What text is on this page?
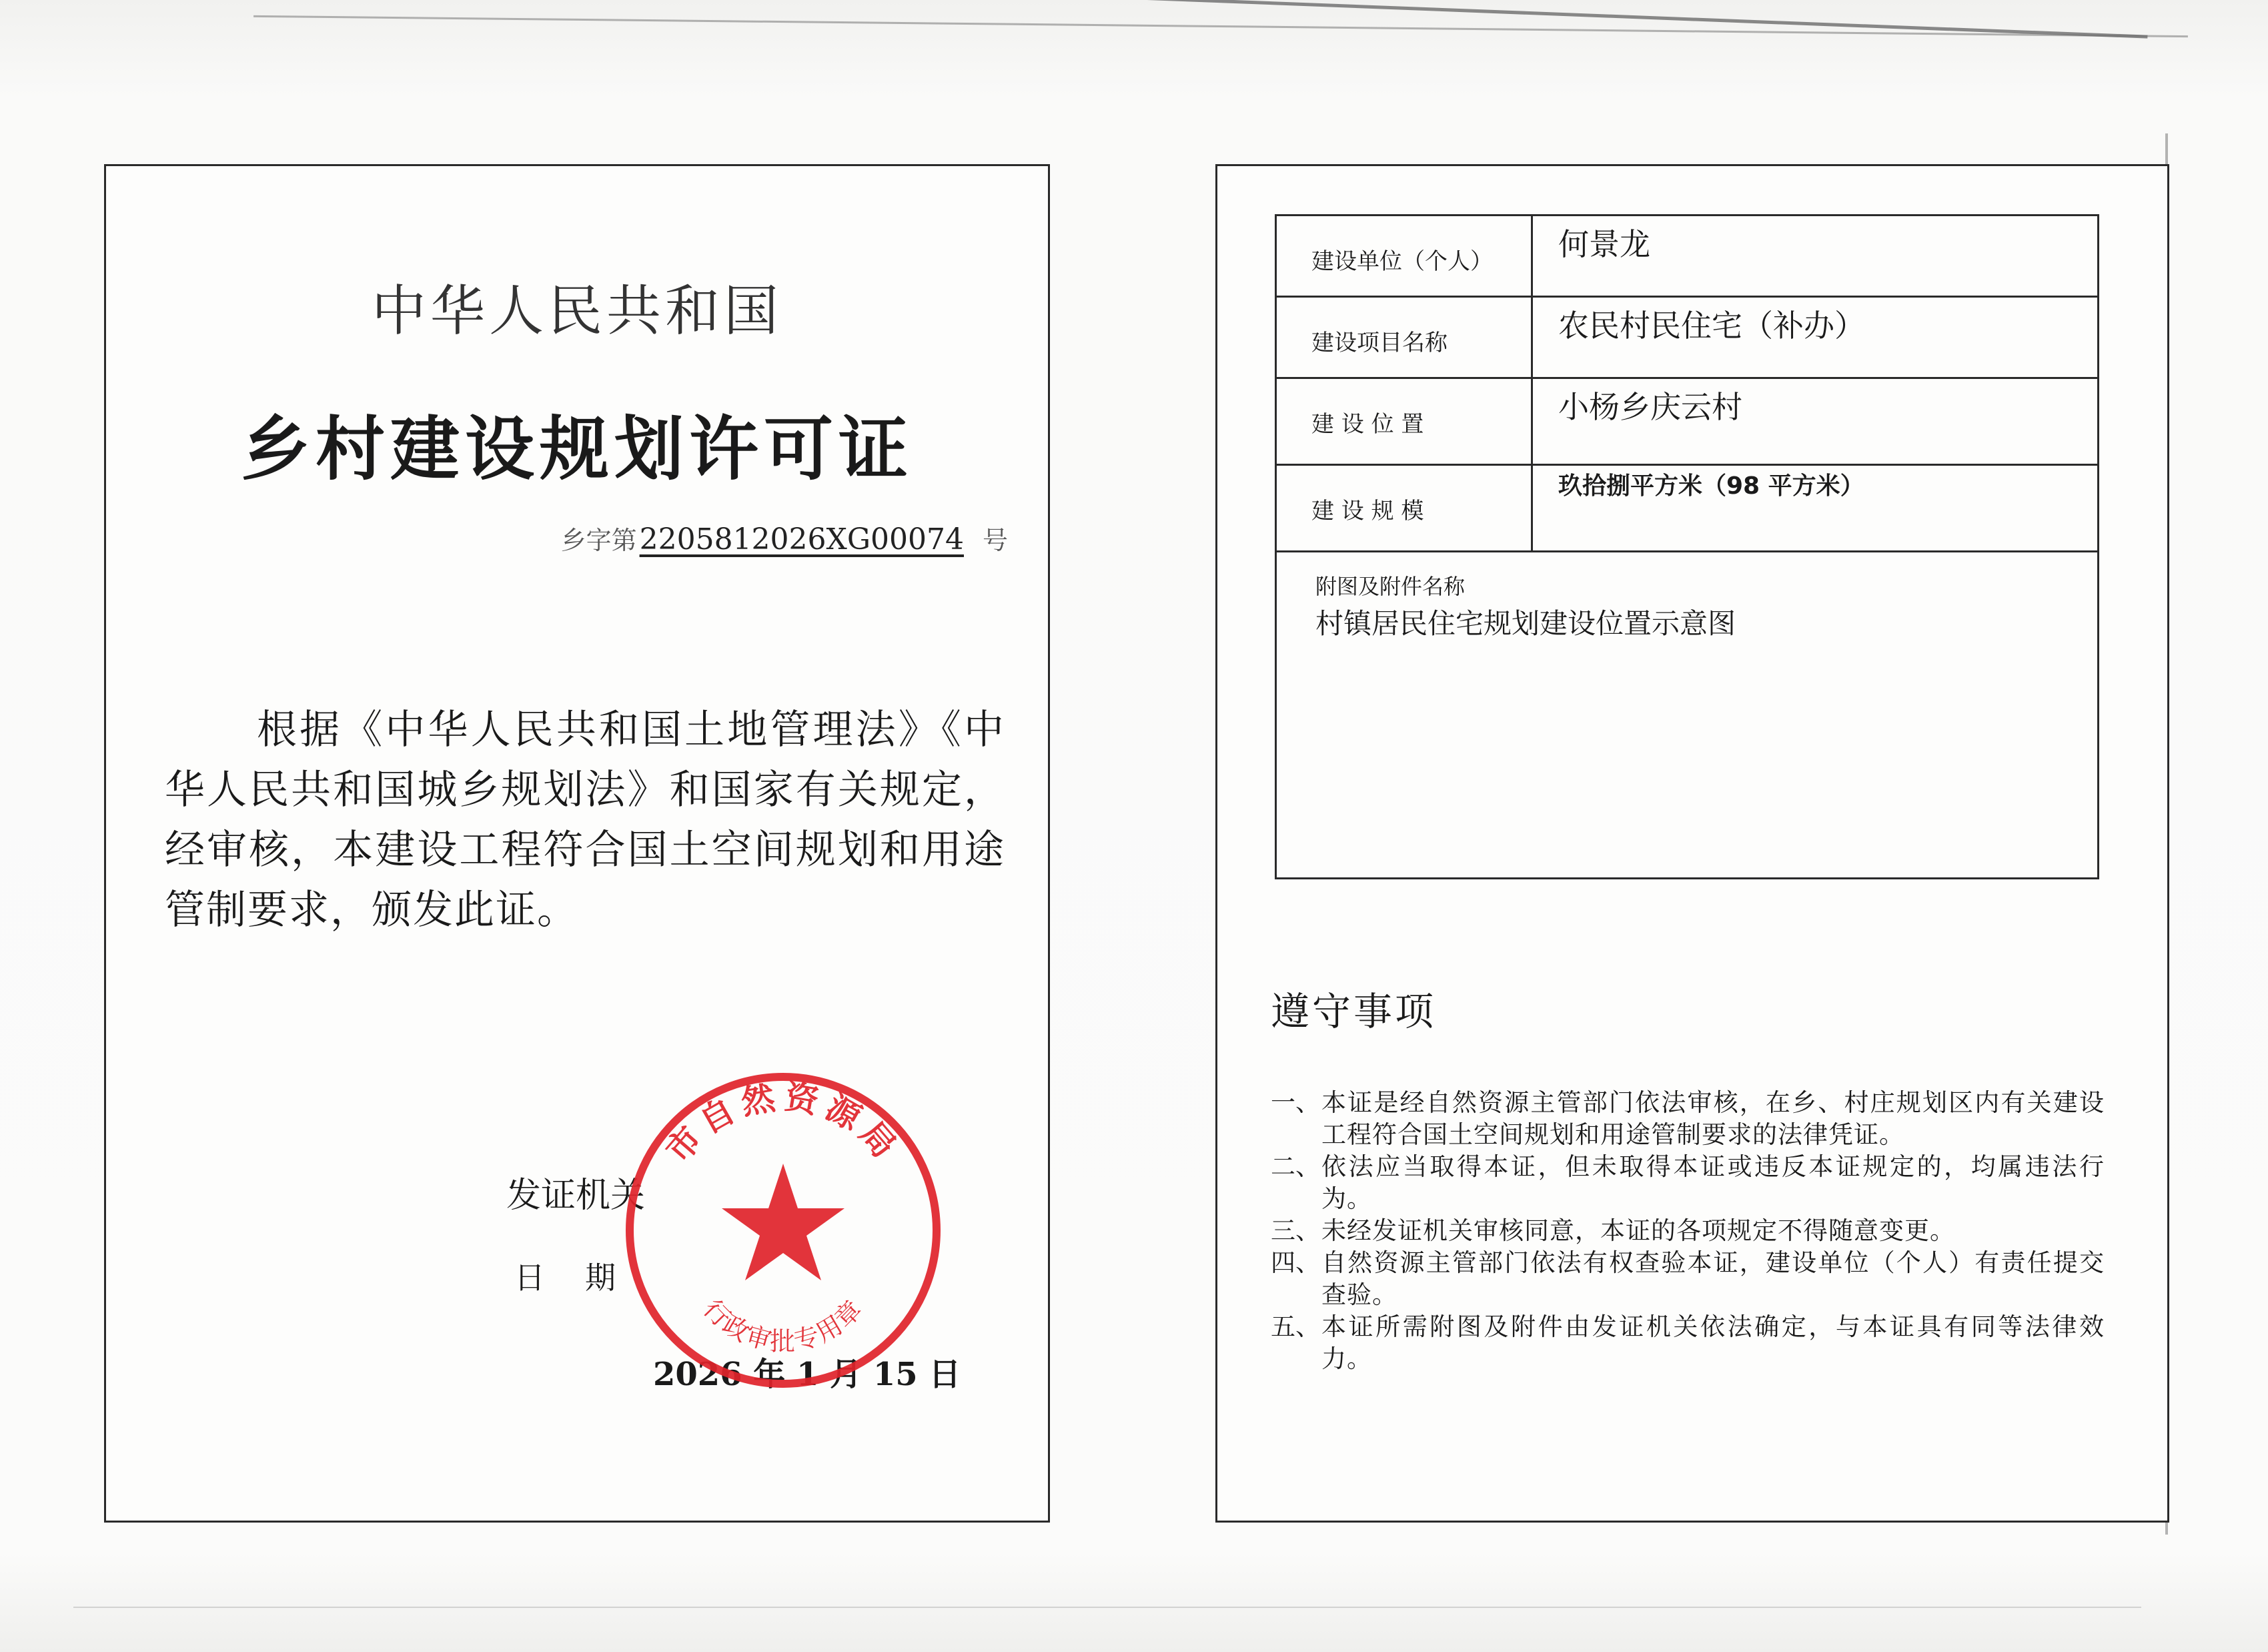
中华人民共和国
乡村建设规划许可证
乡字第2205812026XG00074 号
根据《中华人民共和国土地管理法》《中华人民共和国城乡规划法》和国家有关规定，经审核，本建设工程符合国土空间规划和用途管制要求，颁发此证。
发证机关
日期
2026 年 1 月 15 日
市自然资源局
行政审批专用章
建设单位（个人）	何景龙
建设项目名称	农民村民住宅（补办）
建 设 位 置	小杨乡庆云村
建 设 规 模	玖拾捌平方米（98 平方米）

附图及附件名称
村镇居民住宅规划建设位置示意图	
遵守事项
一、 本证是经自然资源主管部门依法审核，在乡、村庄规划区内有关建设工程符合国土空间规划和用途管制要求的法律凭证。
二、 依法应当取得本证，但未取得本证或违反本证规定的，均属违法行为。
三、 未经发证机关审核同意，本证的各项规定不得随意变更。
四、 自然资源主管部门依法有权查验本证，建设单位（个人）有责任提交查验。
五、 本证所需附图及附件由发证机关依法确定，与本证具有同等法律效力。
